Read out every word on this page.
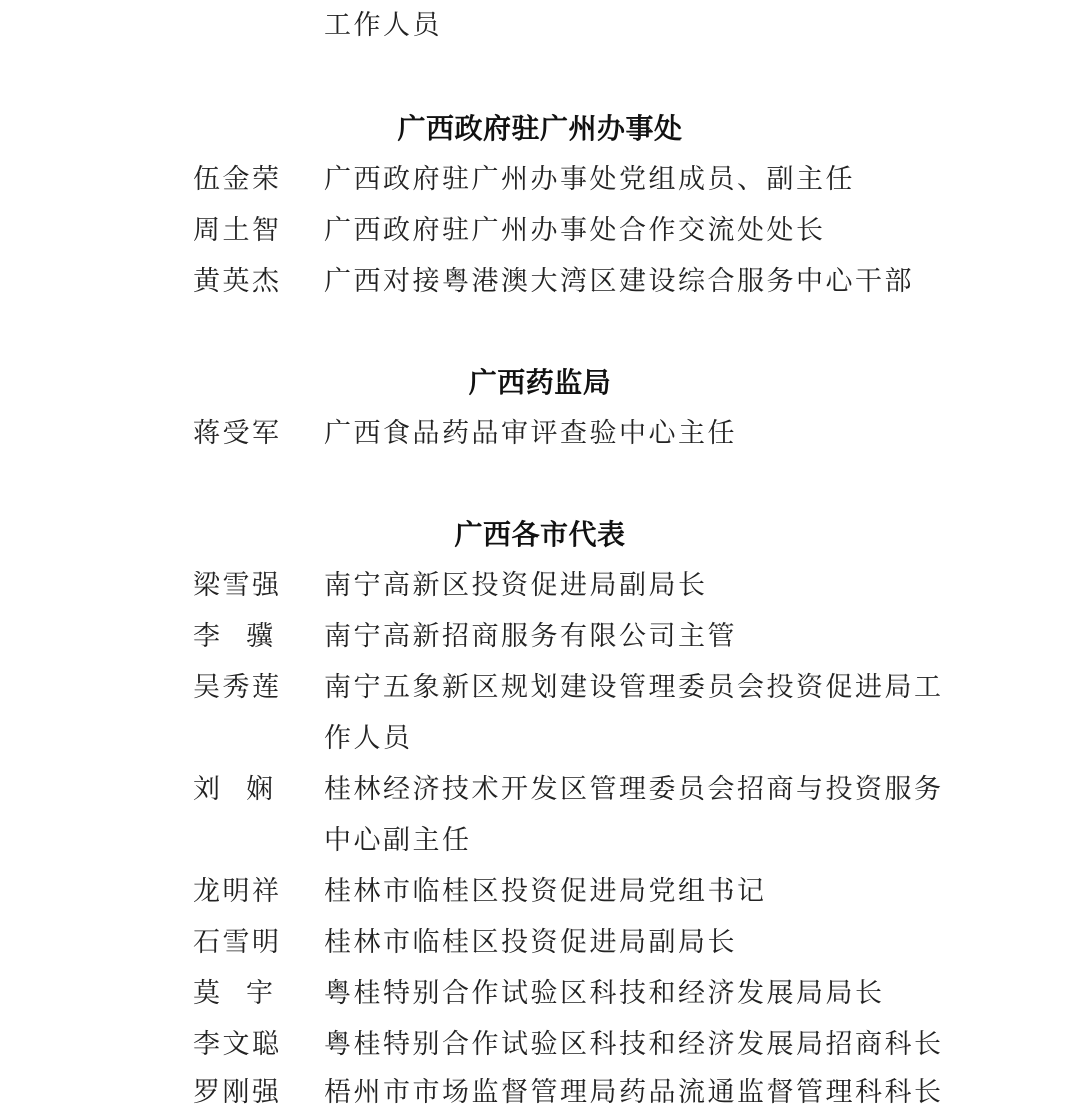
工作人员
广西政府驻广州办事处
伍金荣	广西政府驻广州办事处党组成员、副主任
周土智	广西政府驻广州办事处合作交流处处长
黄英杰	广西对接粤港澳大湾区建设综合服务中心干部
广西药监局
蒋受军	广西食品药品审评查验中心主任
广西各市代表
梁雪强	南宁高新区投资促进局副局长
李骥 南宁高新招商服务有限公司主管
吴秀莲	南宁五象新区规划建设管理委员会投资促进局工
作人员
刘娴 桂林经济技术开发区管理委员会招商与投资服务
中心副主任
龙明祥	桂林市临桂区投资促进局党组书记
石雪明	桂林市临桂区投资促进局副局长
莫宇 粤桂特别合作试验区科技和经济发展局局长
李文聪	粤桂特别合作试验区科技和经济发展局招商科长
罗刚强	梧州市市场监督管理局药品流通监督管理科科长
